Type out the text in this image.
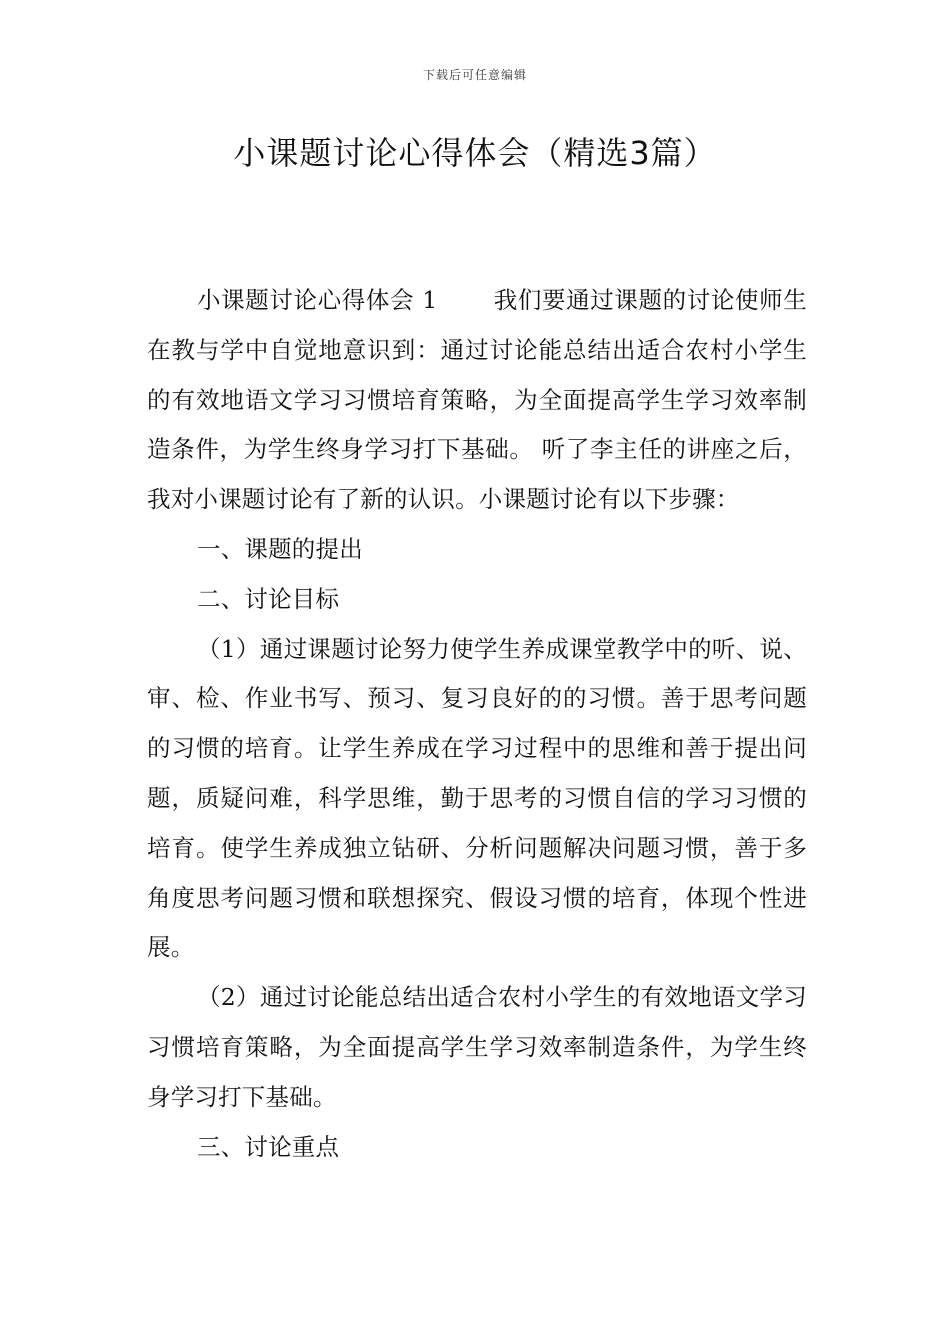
下载后可任意编辑
小课题讨论心得体会（精选3篇）

小课题讨论心得体会 1 我们要通过课题的讨论使师生在教与学中自觉地意识到：通过讨论能总结出适合农村小学生的有效地语文学习习惯培育策略，为全面提高学生学习效率制造条件，为学生终身学习打下基础。 听了李主任的讲座之后，我对小课题讨论有了新的认识。小课题讨论有以下步骤：

一、课题的提出

二、讨论目标

（1）通过课题讨论努力使学生养成课堂教学中的听、说、审、检、作业书写、预习、复习良好的的习惯。善于思考问题的习惯的培育。让学生养成在学习过程中的思维和善于提出问题，质疑问难，科学思维，勤于思考的习惯自信的学习习惯的培育。使学生养成独立钻研、分析问题解决问题习惯，善于多角度思考问题习惯和联想探究、假设习惯的培育，体现个性进展。

（2）通过讨论能总结出适合农村小学生的有效地语文学习习惯培育策略，为全面提高学生学习效率制造条件，为学生终身学习打下基础。

三、讨论重点
